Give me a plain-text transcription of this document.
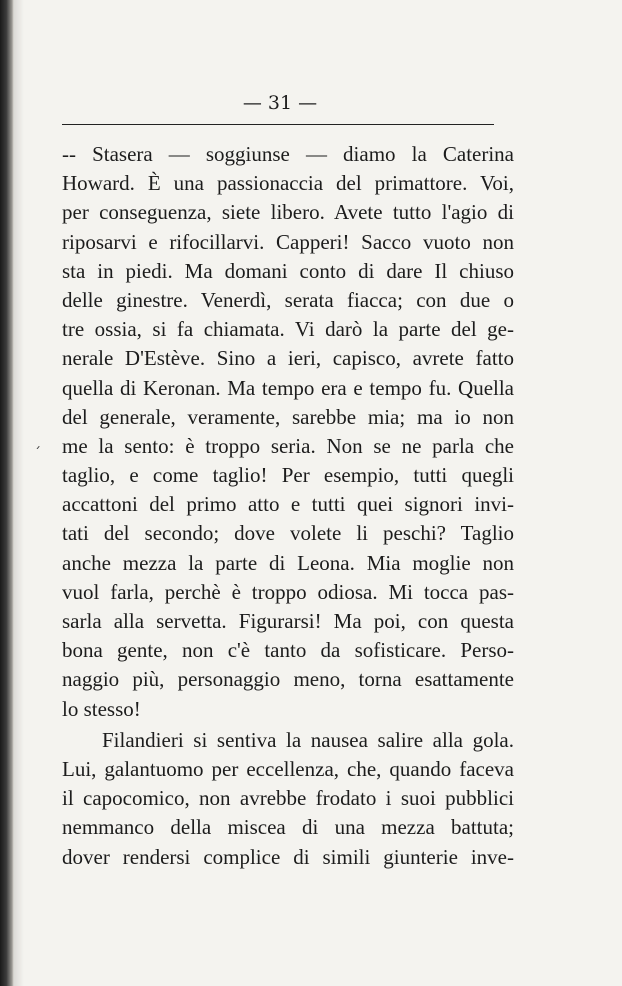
— 31 —
´
-- Stasera — soggiunse — diamo la Caterina
Howard. È una passionaccia del primattore. Voi,
per conseguenza, siete libero. Avete tutto l'agio di
riposarvi e rifocillarvi. Capperi! Sacco vuoto non
sta in piedi. Ma domani conto di dare Il chiuso
delle ginestre. Venerdì, serata fiacca; con due o
tre ossia, si fa chiamata. Vi darò la parte del ge-
nerale D'Estève. Sino a ieri, capisco, avrete fatto
quella di Keronan. Ma tempo era e tempo fu. Quella
del generale, veramente, sarebbe mia; ma io non
me la sento: è troppo seria. Non se ne parla che
taglio, e come taglio! Per esempio, tutti quegli
accattoni del primo atto e tutti quei signori invi-
tati del secondo; dove volete li peschi? Taglio
anche mezza la parte di Leona. Mia moglie non
vuol farla, perchè è troppo odiosa. Mi tocca pas-
sarla alla servetta. Figurarsi! Ma poi, con questa
bona gente, non c'è tanto da sofisticare. Perso-
naggio più, personaggio meno, torna esattamente
lo stesso!
Filandieri si sentiva la nausea salire alla gola.
Lui, galantuomo per eccellenza, che, quando faceva
il capocomico, non avrebbe frodato i suoi pubblici
nemmanco della miscea di una mezza battuta;
dover rendersi complice di simili giunterie inve-
